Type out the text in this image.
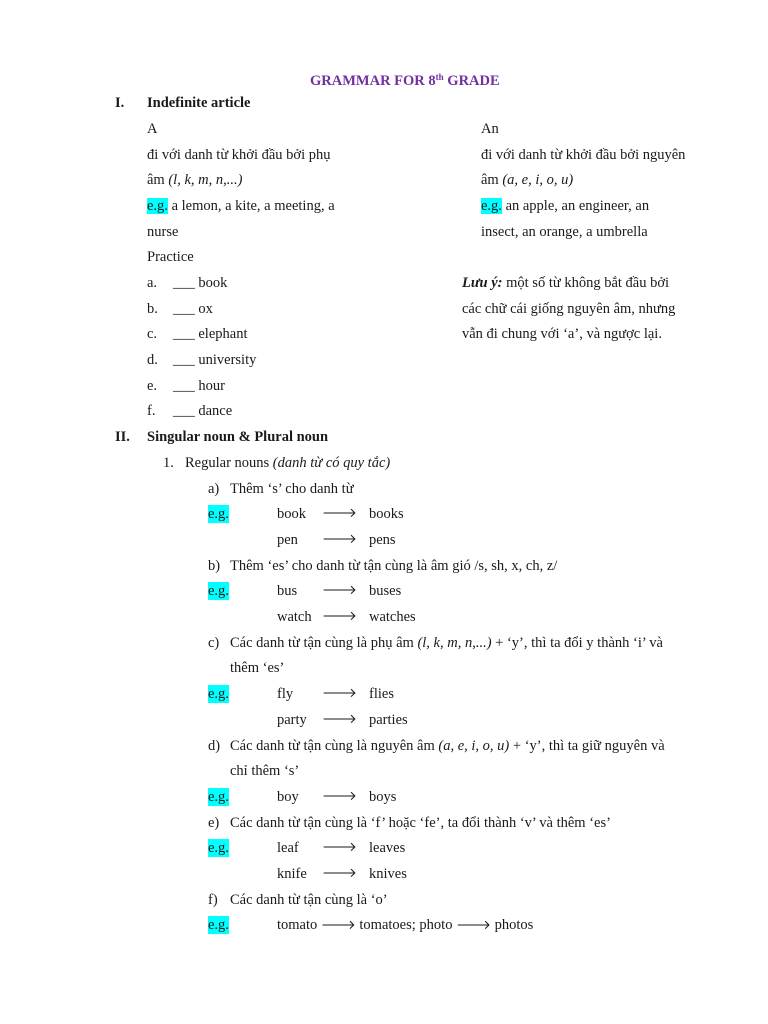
GRAMMAR FOR 8th GRADE
I. Indefinite article
A
đi với danh từ khởi đầu bởi phụ
âm (l, k, m, n,...)
e.g. a lemon, a kite, a meeting, a
nurse
An
đi với danh từ khởi đầu bởi nguyên
âm (a, e, i, o, u)
e.g. an apple, an engineer, an
insect, an orange, a umbrella
Practice
a. ___ book
b. ___ ox
c. ___ elephant
d. ___ university
e. ___ hour
f. ___ dance
Lưu ý: một số từ không bắt đầu bởi
các chữ cái giống nguyên âm, nhưng
vẫn đi chung với ‘a’, và ngược lại.
II. Singular noun & Plural noun
1. Regular nouns (danh từ có quy tắc)
a) Thêm ‘s’ cho danh từ
e.g.	book 🡒 books
pen 🡒 pens
b) Thêm ‘es’ cho danh từ tận cùng là âm gió /s, sh, x, ch, z/
e.g.	bus 🡒 buses
watch 🡒 watches
c) Các danh từ tận cùng là phụ âm (l, k, m, n,...) + ‘y’, thì ta đổi y thành ‘i’ và
thêm ‘es’
e.g.	fly 🡒 flies
party 🡒 parties
d) Các danh từ tận cùng là nguyên âm (a, e, i, o, u) + ‘y’, thì ta giữ nguyên và
chỉ thêm ‘s’
e.g.	boy 🡒 boys
e) Các danh từ tận cùng là ‘f’ hoặc ‘fe’, ta đổi thành ‘v’ và thêm ‘es’
e.g.	leaf 🡒 leaves
knife 🡒 knives
f) Các danh từ tận cùng là ‘o’
e.g.	tomato 🡒 tomatoes; photo 🡒 photos
